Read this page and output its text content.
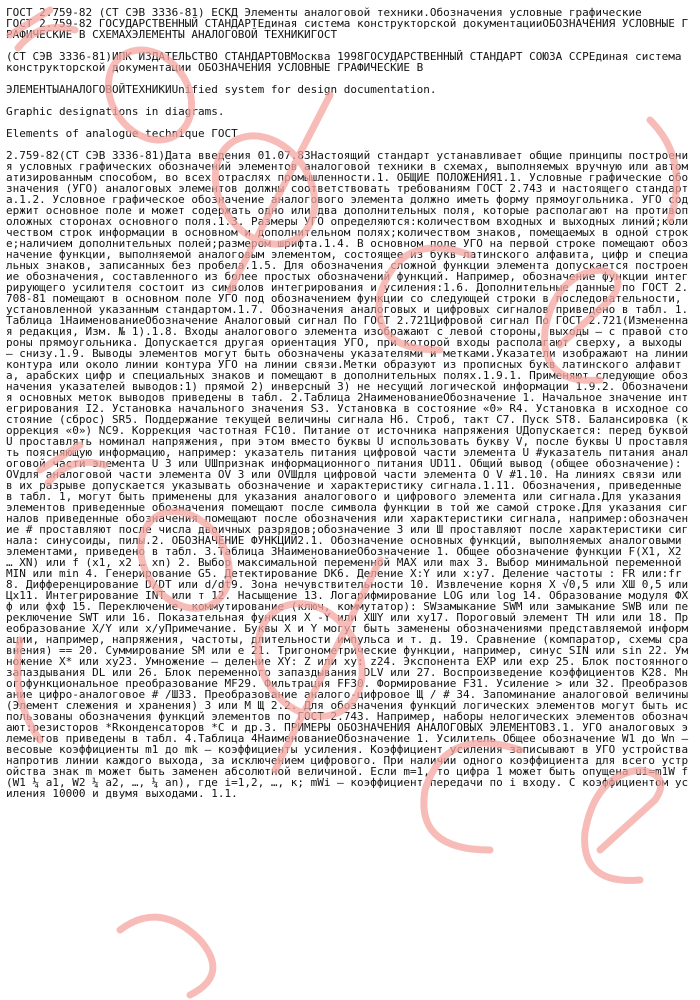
ГОСТ 2.759-82 (СТ СЭВ 3336-81) ЕСКД Элементы аналоговой техники.Обозначения условные графические
ГОСТ 2.759-82 ГОСУДАРСТВЕННЫЙ СТАНДАРТЕдиная система конструкторской документацииОБОЗНАЧЕНИЯ УСЛОВНЫЕ ГРАФИЧЕСКИЕ В СХЕМАХЭЛЕМЕНТЫ АНАЛОГОВОЙ ТЕХНИКИГОСТ

(СТ СЭВ 3336-81)ИПК ИЗДАТЕЛЬСТВО СТАНДАРТОВМосква 1998ГОСУДАРСТВЕННЫЙ СТАНДАРТ СОЮЗА ССРЕдиная система конструкторской документации ОБОЗНАЧЕНИЯ УСЛОВНЫЕ ГРАФИЧЕСКИЕ В

ЭЛЕМЕНТЫАНАЛОГОВОЙТЕХНИКИUnified system for design documentation.

Graphic designations in diagrams.

Elements of analogue technique ГОСТ

2.759-82(СТ СЭВ 3336-81)Дата введения 01.07.83Настоящий стандарт устанавливает общие принципы построения условных графических обозначений элементов аналоговой техники в схемах, выполняемых вручную или автоматизированным способом, во всех отраслях промышленности.1. ОБЩИЕ ПОЛОЖЕНИЯ1.1. Условные графические обозначения (УГО) аналоговых элементов должны соответствовать требованиям ГОСТ 2.743 и настоящего стандарта.1.2. Условное графическое обозначение аналогового элемента должно иметь форму прямоугольника. УГО содержит основное поле и может содержать одно или два дополнительных поля, которые располагают на противоположных сторонах основного поля.1.3. Размеры УГО определяются:количеством входных и выходных линий;количеством строк информации в основном и дополнительном полях;количеством знаков, помещаемых в одной строке;наличием дополнительных полей;размером шрифта.1.4. В основном поле УГО на первой строке помещают обозначение функции, выполняемой аналоговым элементом, состоящее из букв латинского алфавита, цифр и специальных знаков, записанных без пробела.1.5. Для обозначения сложной функции элемента допускается построение обозначения, составленного из более простых обозначений функций. Например, обозначение функции интегрирующего усилителя состоит из символов интегрирования и усиления:1.6. Дополнительные данные по ГОСТ 2.708-81 помещают в основном поле УГО под обозначением функции со следующей строки в последовательности, установленной указанным стандартом.1.7. Обозначения аналоговых и цифровых сигналов приведено в табл. 1.Таблица 1НаименованиеОбозначение Аналоговый сигнал По ГОСТ 2.721Цифровой сигнал По ГОСТ 2.721(Измененная редакция, Изм. № 1).1.8. Входы аналогового элемента изображают с левой стороны, выходы — с правой стороны прямоугольника. Допускается другая ориентация УГО, при которой входы располагают сверху, а выходы — снизу.1.9. Выводы элементов могут быть обозначены указателями и метками.Указатели изображают на линии контура или около линии контура УГО на линии связи.Метки образуют из прописных букв латинского алфавита, арабских цифр и специальных знаков и помещают в дополнительных полях.1.9.1. Применяют следующие обозначения указателей выводов:1) прямой 2) инверсный 3) не несущий логической информации 1.9.2. Обозначения основных меток выводов приведены в табл. 2.Таблица 2НаименованиеОбозначение 1. Начальное значение интегрирования I2. Установка начального значения S3. Установка в состояние «0» R4. Установка в исходное состояние (сброс) SR5. Поддержание текущей величины сигнала H6. Строб, такт C7. Пуск ST8. Балансировка (коррекция «0») NC9. Коррекция частотная FC10. Питание от источника напряжения UДопускается: перед буквой U проставлять номинал напряжения, при этом вместо буквы U использовать букву V, после буквы U проставлять поясняющую информацию, например: указатель питания цифровой части элемента U #указатель питания аналоговой части элемента U З или UШпризнак информационного питания UD11. Общий вывод (общее обозначение): OVдля аналоговой части элемента OV З или OVШдля цифровой части элемента O V #1.10. На линиях связи или в их разрыве допускается указывать обозначение и характеристику сигнала.1.11. Обозначения, приведенные в табл. 1, могут быть применены для указания аналогового и цифрового элемента или сигнала.Для указания элементов приведенные обозначения помещают после символа функции в той же самой строке.Для указания сигналов приведенные обозначения помещают после обозначения или характеристики сигнала, например:обозначение # проставляют после числа двоичных разрядов;обозначение З или Ш проставляют после характеристики сигнала: синусоиды, пилы.2. ОБОЗНАЧЕНИЕ ФУНКЦИЙ2.1. Обозначение основных функций, выполняемых аналоговыми элементами, приведено в табл. 3.Таблица 3НаименованиеОбозначение 1. Общее обозначение функции F(X1, X2 … XN) или f (x1, x2 … xn) 2. Выбор максимальной переменной MAX или max 3. Выбор минимальной переменной MIN или min 4. Генерирование G5. Детектирование DK6. Деление X:Y или x:y7. Деление частоты : FR или:fr8. Дифференцирование D/DT или d/dt9. Зона нечувствительности 10. Извлечение корня X √0,5 или XШ 0,5 или Цх11. Интегрирование INT или т 12. Насыщение 13. Логарифмирование LOG или log 14. Образование модуля ФXф или фxф 15. Переключение, коммутирование (ключ, коммутатор): SWзамыкание SWM или замыкание SWB или переключение SWT или 16. Показательная функция X -Y или XШY или xy17. Пороговый элемент TH или или 18. Преобразование X/Y или x/yПримечание. Буквы X и Y могут быть заменены обозначениями представляемой информации, например, напряжения, частоты, длительности импульса и т. д. 19. Сравнение (компаратор, схемы сравнения) == 20. Суммирование SM или е 21. Тригонометрические функции, например, синус SIN или sin 22. Умножение X* или xy23. Умножение — деление XY: Z или xy: z24. Экспонента EXP или exp 25. Блок постоянного запаздывания DL или 26. Блок переменного запаздывания DLV или 27. Воспроизведение коэффициентов K28. Многофункциональное преобразование MF29. Фильтрация FF30. Формирование F31. Усиление > или 32. Преобразование цифро-аналоговое # /ШЗ3. Преобразование аналого-цифровое Щ / # 34. Запоминание аналоговой величины (Элемент слежения и хранения) З или М Щ 2.2. Для обозначения функций логических элементов могут быть использованы обозначения функций элементов по ГОСТ 2.743. Например, наборы нелогических элементов обозначают:резисторов *Rконденсаторов *C и др.3. ПРИМЕРЫ ОБОЗНАЧЕНИЯ АНАЛОГОВЫХ ЭЛЕМЕНТОВ3.1. УГО аналоговых элементов приведены в табл. 4.Таблица 4НаименованиеОбозначение 1. Усилитель Общее обозначение W1 до Wn — весовые коэффициенты m1 до mk — коэффициенты усиления. Коэффициент усиления записывают в УГО устройства напротив линии каждого выхода, за исключением цифрового. При наличии одного коэффициента для всего устройства знак m может быть заменен абсолютной величиной. Если m=1, то цифра 1 может быть опущена ui=m1W f(W1 ¼ a1, W2 ¼ a2, …, ¼ an), где i=1,2, …, к; mWi — коэффициент передачи по i входу. С коэффициентом усиления 10000 и двумя выходами. 1.1.
